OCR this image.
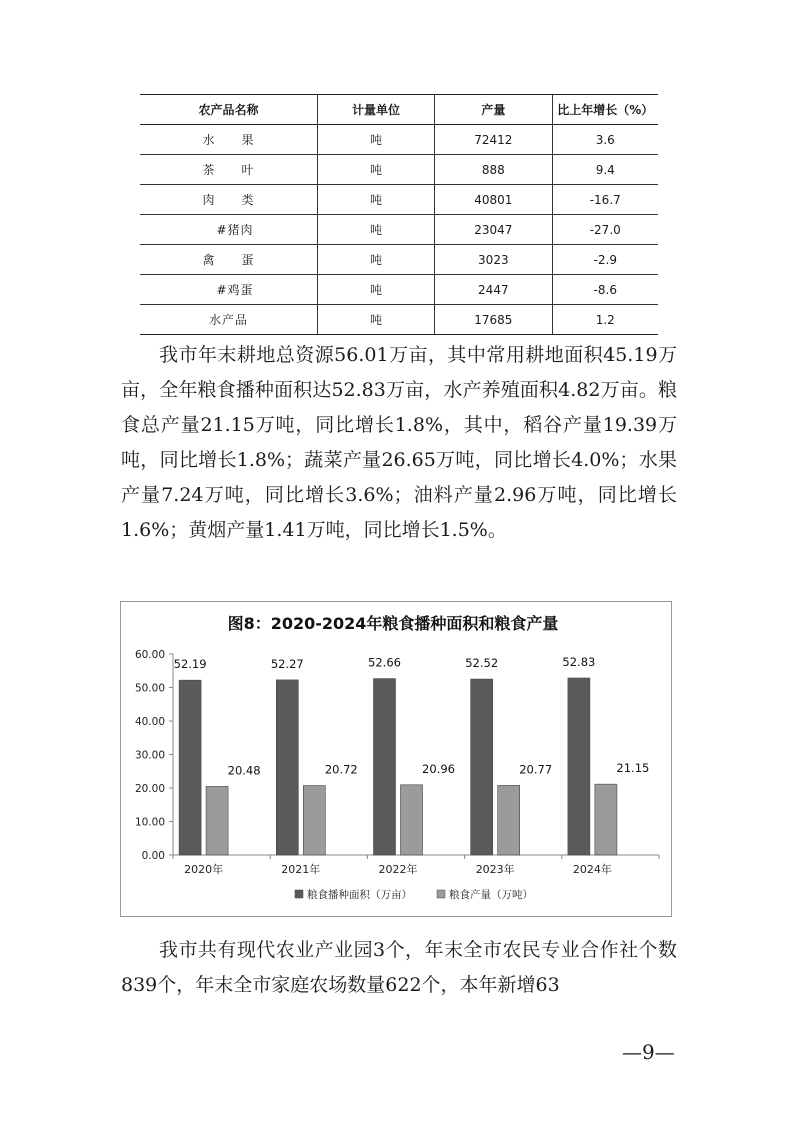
农产品名称	计量单位	产量	比上年增长（%）
水　　果	吨	72412	3.6
茶　　叶	吨	888	9.4
肉　　类	吨	40801	-16.7
　#猪肉	吨	23047	-27.0
禽　　蛋	吨	3023	-2.9
　#鸡蛋	吨	2447	-8.6
水产品	吨	17685	1.2

我市年末耕地总资源56.01万亩，其中常用耕地面积45.19万亩，全年粮食播种面积达52.83万亩，水产养殖面积4.82万亩。粮食总产量21.15万吨，同比增长1.8%，其中，稻谷产量19.39万吨，同比增长1.8%；蔬菜产量26.65万吨，同比增长4.0%；水果产量7.24万吨，同比增长3.6%；油料产量2.96万吨，同比增长1.6%；黄烟产量1.41万吨，同比增长1.5%。

图8：2020-2024年粮食播种面积和粮食产量
0.00
10.00
20.00
30.00
40.00
50.00
60.00
52.19
20.48
2020年
52.27
20.72
2021年
52.66
20.96
2022年
52.52
20.77
2023年
52.83
21.15
2024年
粮食播种面积（万亩）	粮食产量（万吨）

我市共有现代农业产业园3个，年末全市农民专业合作社个数839个，年末全市家庭农场数量622个，本年新增63

—9—
